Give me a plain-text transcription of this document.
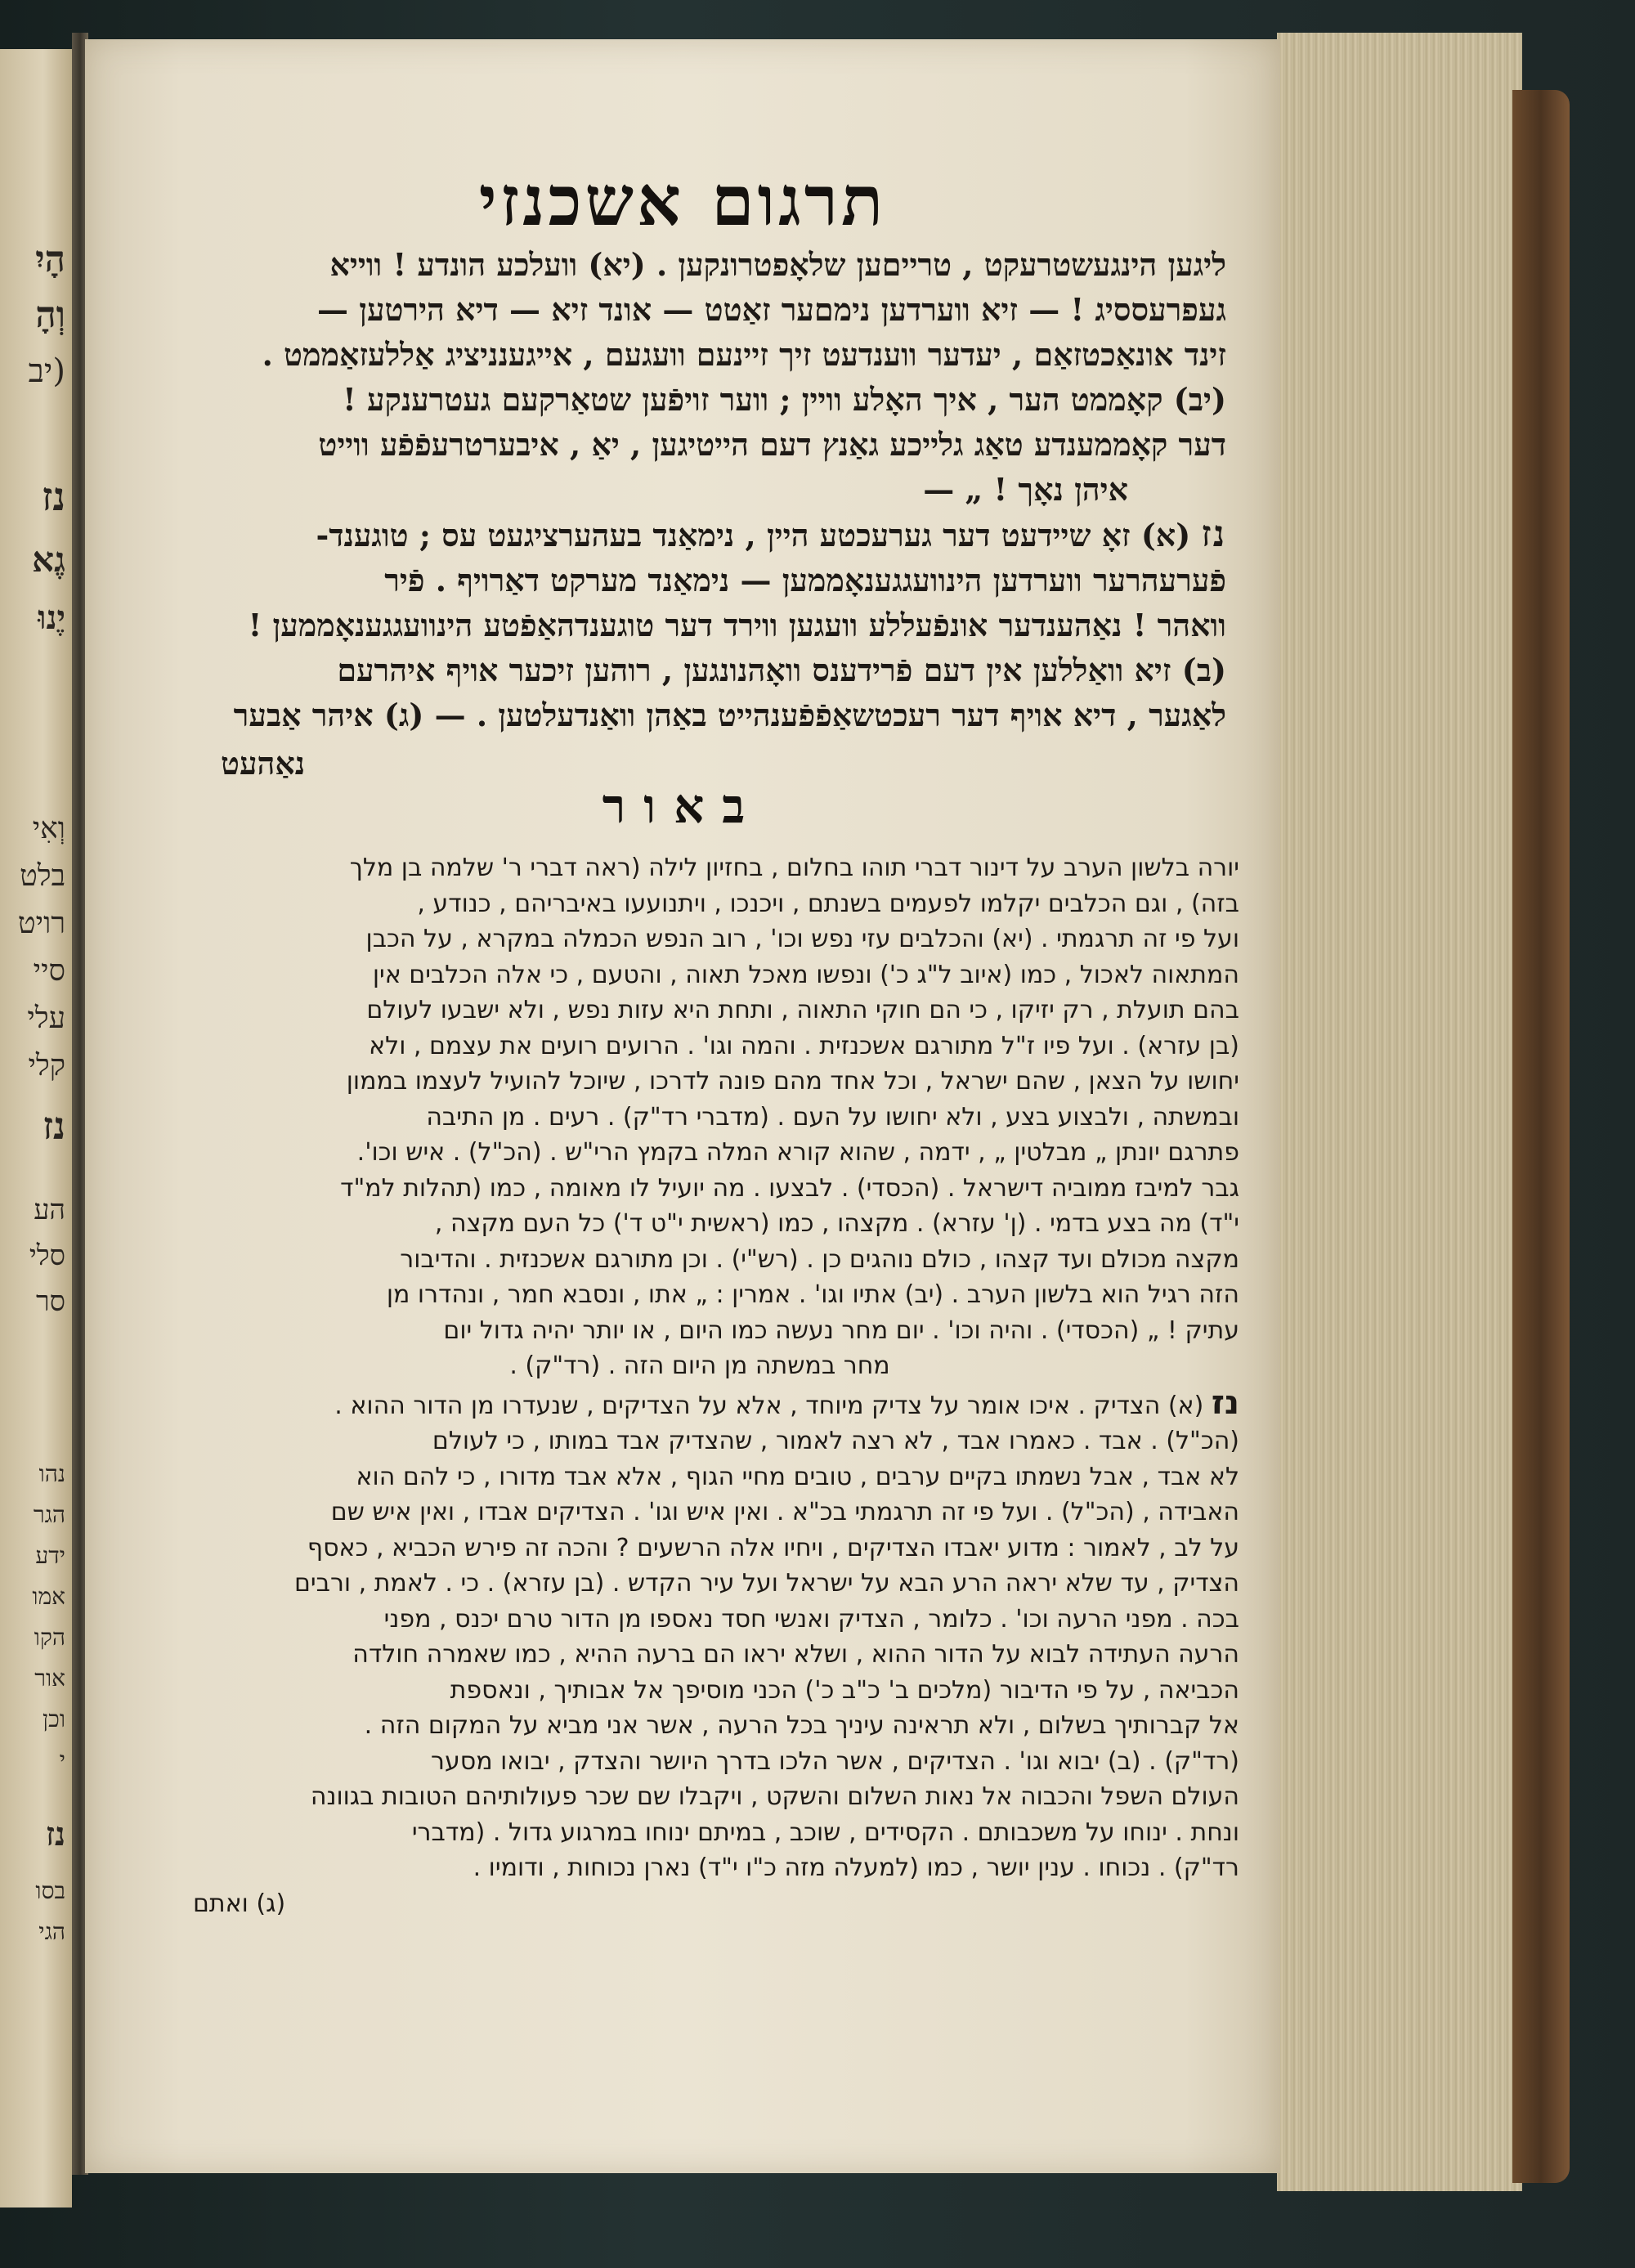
הָיִ
וְהָ
(יב
נז
גֶא
יֶנוּ
וְאִי
בלט
רויט
סיי
עלי
קלי
נז
הע
סלי
סר
נהו
הגר
ידע
אמו
הקו
אור
וכן
י
נז
בסו
הגי
תרגום אשכנזי

ליגען הינגעשטרעקט , טרייםען שלאָפטרונקען . (יא) וועלכע הונדע ! ווייא

געפרעססיג ! — זיא ווערדען נימםער זאַטט — אונד זיא — דיא הירטען —

זינד אונאַכטזאַם , יעדער ווענדעט זיך זיינעם וועגעם , אייגענניציג אַללעזאַממט .

(יב) קאָממט הער , איך האָלע וויין ; ווער זויפֿען שטאַרקעם געטרענקע !

דער קאָממענדע טאַג גלייכע גאַנץ דעם הייטיגען , יאַ , איבערטרעפֿפֿע ווייט

איהן נאָך ! „ —

נז (א) זאָ שיידעט דער גערעכטע היין , נימאַנד בעהערציגעט עס ; טוגענד-

פֿערעהרער ווערדען הינוועגגענאָממען — נימאַנד מערקט דאַרויף . פֿיר

וואהר ! נאַהענדער אונפֿעללע וועגען ווירד דער טוגענדהאַפֿטע הינוועגגענאָממען !

(ב) זיא וואַללען אין דעם פֿרידענס וואָהנונגען , רוהען זיכער אויף איהרעם

לאַגער , דיא אויף דער רעכטשאַפֿפֿענהייט באַהן וואַנדעלטען . — (ג) איהר אַבער

נאַהעט

באור

יורה בלשון הערב על דינור דברי תוהו בחלום , בחזיון לילה (ראה דברי ר' שלמה בן מלך

בזה) , וגם הכלבים יקלמו לפעמים בשנתם , ויכנכו , ויתנועעו באיבריהם , כנודע ,

ועל פי זה תרגמתי . (יא) והכלבים עזי נפש וכו' , רוב הנפש הכמלה במקרא , על הכבן

המתאוה לאכול , כמו (איוב ל"ג כ') ונפשו מאכל תאוה , והטעם , כי אלה הכלבים אין

בהם תועלת , רק יזיקו , כי הם חוקי התאוה , ותחת היא עזות נפש , ולא ישבעו לעולם

(בן עזרא) . ועל פיו ז"ל מתורגם אשכנזית . והמה וגו' . הרועים רועים את עצמם , ולא

יחושו על הצאן , שהם ישראל , וכל אחד מהם פונה לדרכו , שיוכל להועיל לעצמו בממון

ובמשתה , ולבצוע בצע , ולא יחושו על העם . (מדברי רד"ק) . רעים . מן התיבה

פתרגם יונתן „ מבלטין „ , ידמה , שהוא קורא המלה בקמץ הרי"ש . (הכ"ל) . איש וכו'.

גבר למיבז ממוביה דישראל . (הכסדי) . לבצעו . מה יועיל לו מאומה , כמו (תהלות למ"ד

י"ד) מה בצע בדמי . (ן' עזרא) . מקצהו , כמו (ראשית י"ט ד') כל העם מקצה ,

מקצה מכולם ועד קצהו , כולם נוהגים כן . (רש"י) . וכן מתורגם אשכנזית . והדיבור

הזה רגיל הוא בלשון הערב . (יב) אתיו וגו' . אמרין : „ אתו , ונסבא חמר , ונהדרו מן

עתיק ! „ (הכסדי) . והיה וכו' . יום מחר נעשה כמו היום , או יותר יהיה גדול יום

מחר במשתה מן היום הזה . (רד"ק) .

נז (א) הצדיק . איכו אומר על צדיק מיוחד , אלא על הצדיקים , שנעדרו מן הדור ההוא .

(הכ"ל) . אבד . כאמרו אבד , לא רצה לאמור , שהצדיק אבד במותו , כי לעולם

לא אבד , אבל נשמתו בקיים ערבים , טובים מחיי הגוף , אלא אבד מדורו , כי להם הוא

האבידה , (הכ"ל) . ועל פי זה תרגמתי בכ"א . ואין איש וגו' . הצדיקים אבדו , ואין איש שם

על לב , לאמור : מדוע יאבדו הצדיקים , ויחיו אלה הרשעים ? והכה זה פירש הכביא , כאסף

הצדיק , עד שלא יראה הרע הבא על ישראל ועל עיר הקדש . (בן עזרא) . כי . לאמת , ורבים

בכה . מפני הרעה וכו' . כלומר , הצדיק ואנשי חסד נאספו מן הדור טרם יכנס , מפני

הרעה העתידה לבוא על הדור ההוא , ושלא יראו הם ברעה ההיא , כמו שאמרה חולדה

הכביאה , על פי הדיבור (מלכים ב' כ"ב כ') הכני מוסיפך אל אבותיך , ונאספת

אל קברותיך בשלום , ולא תראינה עיניך בכל הרעה , אשר אני מביא על המקום הזה .

(רד"ק) . (ב) יבוא וגו' . הצדיקים , אשר הלכו בדרך היושר והצדק , יבואו מסער

העולם השפל והכבוה אל נאות השלום והשקט , ויקבלו שם שכר פעולותיהם הטובות בגוונה

ונחת . ינוחו על משכבותם . הקסידים , שוכב , במיתם ינוחו במרגוע גדול . (מדברי

רד"ק) . נכוחו . ענין יושר , כמו (למעלה מזה כ"ו י"ד) נארן נכוחות , ודומיו .

(ג) ואתם
